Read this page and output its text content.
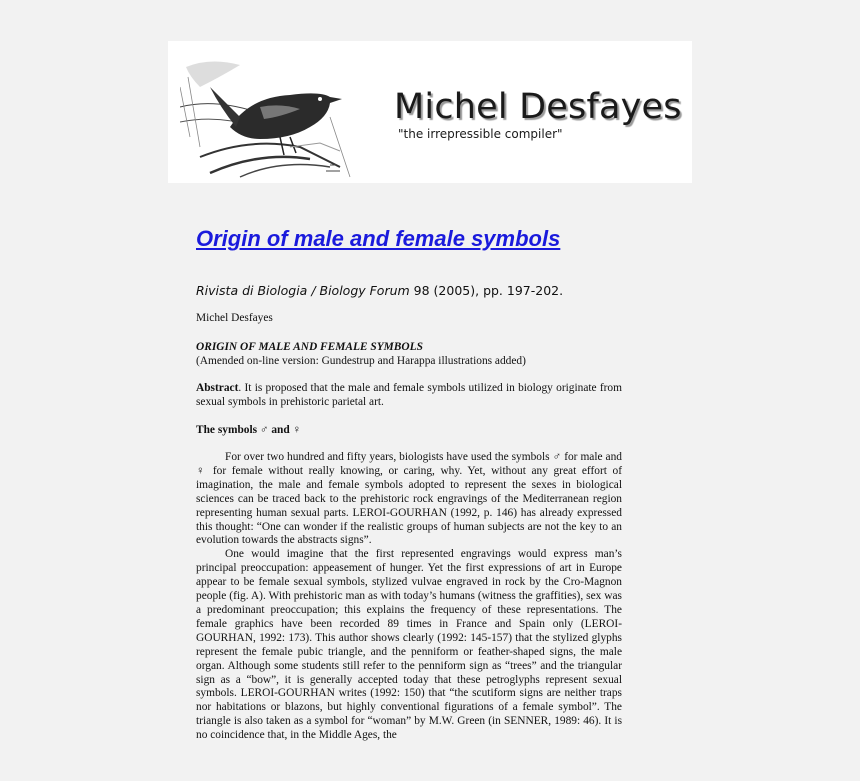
Michel Desfayes
"the irrepressible compiler"
Origin of male and female symbols
Rivista di Biologia / Biology Forum 98 (2005), pp. 197-202.
Michel Desfayes
ORIGIN OF MALE AND FEMALE SYMBOLS
(Amended on-line version: Gundestrup and Harappa illustrations added)
Abstract. It is proposed that the male and female symbols utilized in biology originate from sexual symbols in prehistoric parietal art.
The symbols ♂ and ♀

For over two hundred and fifty years, biologists have used the symbols ♂ for male and ♀ for female without really knowing, or caring, why. Yet, without any great effort of imagination, the male and female symbols adopted to represent the sexes in biological sciences can be traced back to the prehistoric rock engravings of the Mediterranean region representing human sexual parts. LEROI-GOURHAN (1992, p. 146) has already expressed this thought: “One can wonder if the realistic groups of human subjects are not the key to an evolution towards the abstracts signs”.

One would imagine that the first represented engravings would express man’s principal preoccupation: appeasement of hunger. Yet the first expressions of art in Europe appear to be female sexual symbols, stylized vulvae engraved in rock by the Cro-Magnon people (fig. A). With prehistoric man as with today’s humans (witness the graffities), sex was a predominant preoccupation; this explains the frequency of these representations. The female graphics have been recorded 89 times in France and Spain only (LEROI-GOURHAN, 1992: 173). This author shows clearly (1992: 145-157) that the stylized glyphs represent the female pubic triangle, and the penniform or feather-shaped signs, the male organ. Although some students still refer to the penniform sign as “trees” and the triangular sign as a “bow”, it is generally accepted today that these petroglyphs represent sexual symbols. LEROI-GOURHAN writes (1992: 150) that “the scutiform signs are neither traps nor habitations or blazons, but highly conventional figurations of a female symbol”. The triangle is also taken as a symbol for “woman” by M.W. Green (in SENNER, 1989: 46). It is no coincidence that, in the Middle Ages, the
